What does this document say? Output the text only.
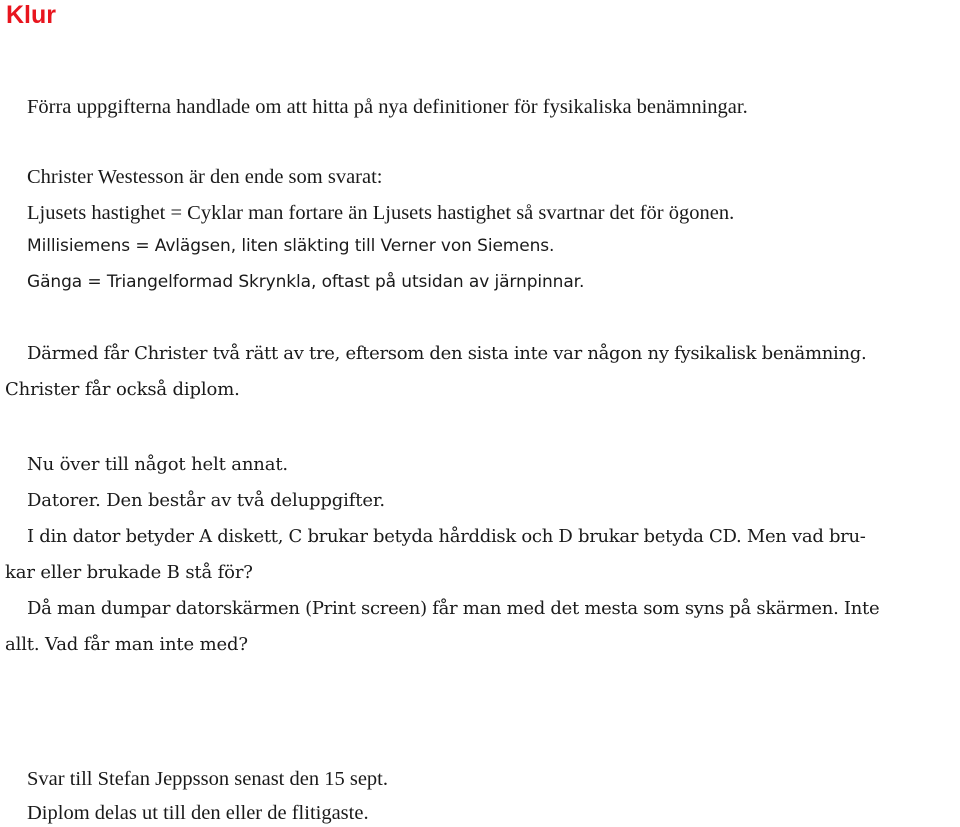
Klur

Förra uppgifterna handlade om att hitta på nya definitioner för fysikaliska benämningar.

Christer Westesson är den ende som svarat:

Ljusets hastighet = Cyklar man fortare än Ljusets hastighet så svartnar det för ögonen.

Millisiemens = Avlägsen, liten släkting till Verner von Siemens.

Gänga = Triangelformad Skrynkla, oftast på utsidan av järnpinnar.

Därmed får Christer två rätt av tre, eftersom den sista inte var någon ny fysikalisk benämning.

Christer får också diplom.

Nu över till något helt annat.

Datorer. Den består av två deluppgifter.

I din dator betyder A diskett, C brukar betyda hårddisk och D brukar betyda CD. Men vad bru-

kar eller brukade B stå för?

Då man dumpar datorskärmen (Print screen) får man med det mesta som syns på skärmen. Inte

allt. Vad får man inte med?

Svar till Stefan Jeppsson senast den 15 sept.

Diplom delas ut till den eller de flitigaste.
